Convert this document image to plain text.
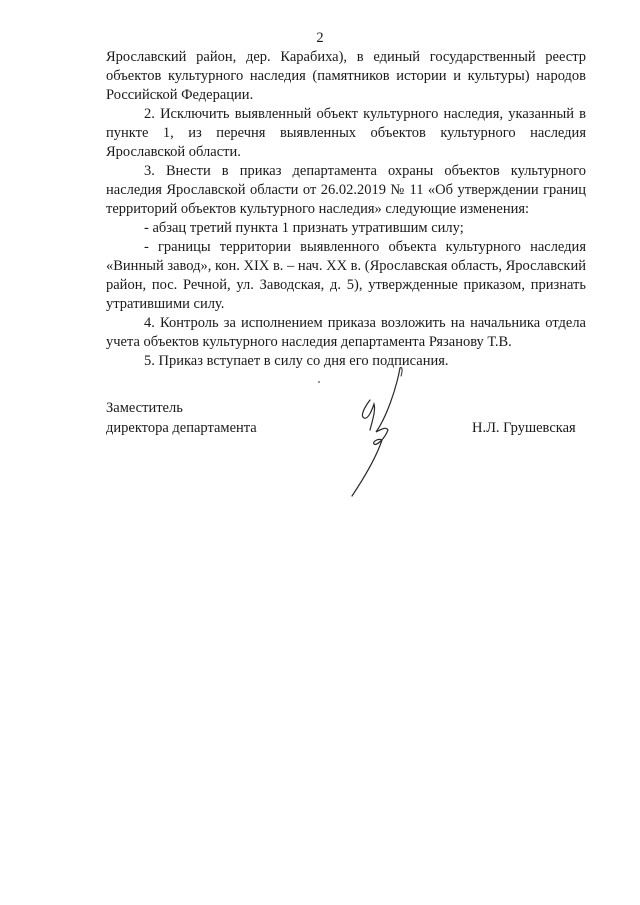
2

Ярославский район, дер. Карабиха), в единый государственный реестр объектов культурного наследия (памятников истории и культуры) народов Российской Федерации.

2. Исключить выявленный объект культурного наследия, указанный в пункте 1, из перечня выявленных объектов культурного наследия Ярославской области.

3. Внести в приказ департамента охраны объектов культурного наследия Ярославской области от 26.02.2019 № 11 «Об утверждении границ территорий объектов культурного наследия» следующие изменения:

- абзац третий пункта 1 признать утратившим силу;

- границы территории выявленного объекта культурного наследия «Винный завод», кон. XIX в. – нач. XX в. (Ярославская область, Ярославский район, пос. Речной, ул. Заводская, д. 5), утвержденные приказом, признать утратившими силу.

4. Контроль за исполнением приказа возложить на начальника отдела учета объектов культурного наследия департамента Рязанову Т.В.

5. Приказ вступает в силу со дня его подписания.

Заместитель
директора департамента	Н.Л. Грушевская
